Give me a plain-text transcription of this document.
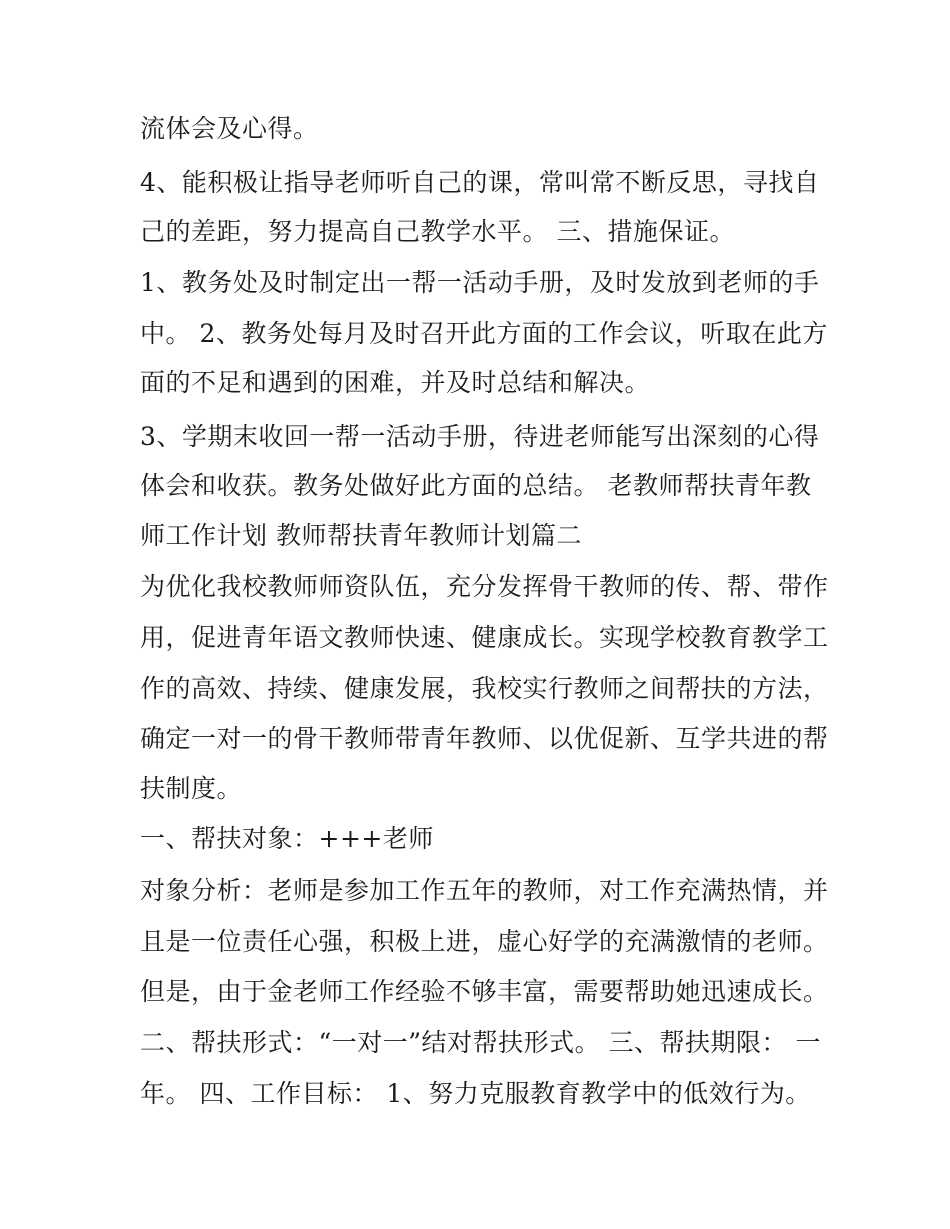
流体会及心得。
4、能积极让指导老师听自己的课，常叫常不断反思，寻找自
己的差距，努力提高自己教学水平。 三、措施保证。
1、教务处及时制定出一帮一活动手册，及时发放到老师的手
中。 2、教务处每月及时召开此方面的工作会议，听取在此方
面的不足和遇到的困难，并及时总结和解决。
3、学期末收回一帮一活动手册，待进老师能写出深刻的心得
体会和收获。教务处做好此方面的总结。 老教师帮扶青年教
师工作计划 教师帮扶青年教师计划篇二
为优化我校教师师资队伍，充分发挥骨干教师的传、帮、带作
用，促进青年语文教师快速、健康成长。实现学校教育教学工
作的高效、持续、健康发展，我校实行教师之间帮扶的方法，
确定一对一的骨干教师带青年教师、以优促新、互学共进的帮
扶制度。
一、帮扶对象：+++老师
对象分析：老师是参加工作五年的教师，对工作充满热情，并
且是一位责任心强，积极上进，虚心好学的充满激情的老师。
但是，由于金老师工作经验不够丰富，需要帮助她迅速成长。
二、帮扶形式：“一对一”结对帮扶形式。 三、帮扶期限： 一
年。 四、工作目标： 1、努力克服教育教学中的低效行为。
